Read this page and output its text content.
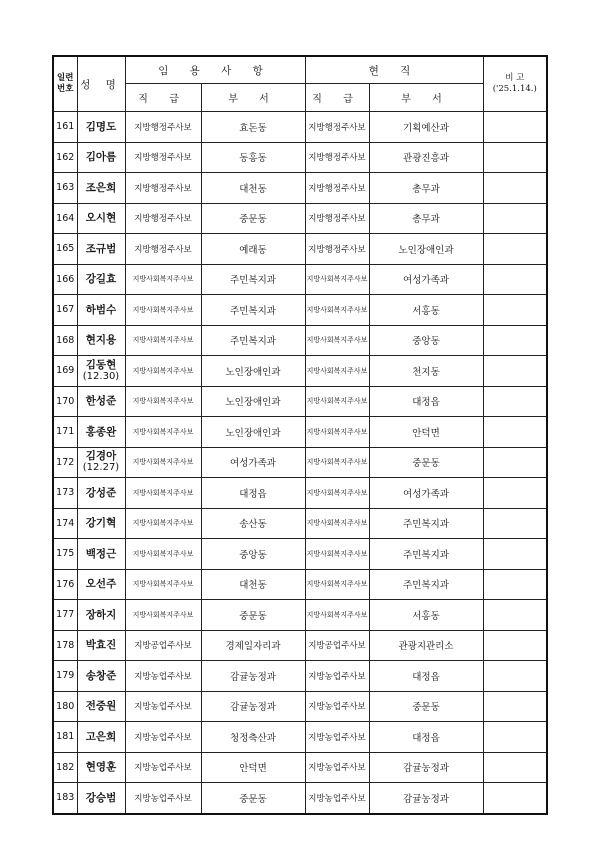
일련
번호	성 명	임 용 사 항		현 직		비 고
('25.1.14.)
		직 급	부 서	직 급	부 서	
161	김명도	지방행정주사보	효돈동	지방행정주사보	기획예산과	
162	김아름	지방행정주사보	동홍동	지방행정주사보	관광진흥과	
163	조은희	지방행정주사보	대천동	지방행정주사보	총무과	
164	오시현	지방행정주사보	중문동	지방행정주사보	총무과	
165	조규범	지방행정주사보	예래동	지방행정주사보	노인장애인과	
166	강길효	지방사회복지주사보	주민복지과	지방사회복지주사보	여성가족과	
167	하범수	지방사회복지주사보	주민복지과	지방사회복지주사보	서홍동	
168	현지용	지방사회복지주사보	주민복지과	지방사회복지주사보	중앙동	
169	김동현
(12.30)	지방사회복지주사보	노인장애인과	지방사회복지주사보	천지동	
170	한성준	지방사회복지주사보	노인장애인과	지방사회복지주사보	대정읍	
171	홍종완	지방사회복지주사보	노인장애인과	지방사회복지주사보	안덕면	
172	김경아
(12.27)	지방사회복지주사보	여성가족과	지방사회복지주사보	중문동	
173	강성준	지방사회복지주사보	대정읍	지방사회복지주사보	여성가족과	
174	강기혁	지방사회복지주사보	송산동	지방사회복지주사보	주민복지과	
175	백정근	지방사회복지주사보	중앙동	지방사회복지주사보	주민복지과	
176	오선주	지방사회복지주사보	대천동	지방사회복지주사보	주민복지과	
177	장하지	지방사회복지주사보	중문동	지방사회복지주사보	서홍동	
178	박효진	지방공업주사보	경제일자리과	지방공업주사보	관광지관리소	
179	송창준	지방농업주사보	감귤농정과	지방농업주사보	대정읍	
180	전중원	지방농업주사보	감귤농정과	지방농업주사보	중문동	
181	고은희	지방농업주사보	청정축산과	지방농업주사보	대정읍	
182	현영훈	지방농업주사보	안덕면	지방농업주사보	감귤농정과	
183	강승범	지방농업주사보	중문동	지방농업주사보	감귤농정과	
